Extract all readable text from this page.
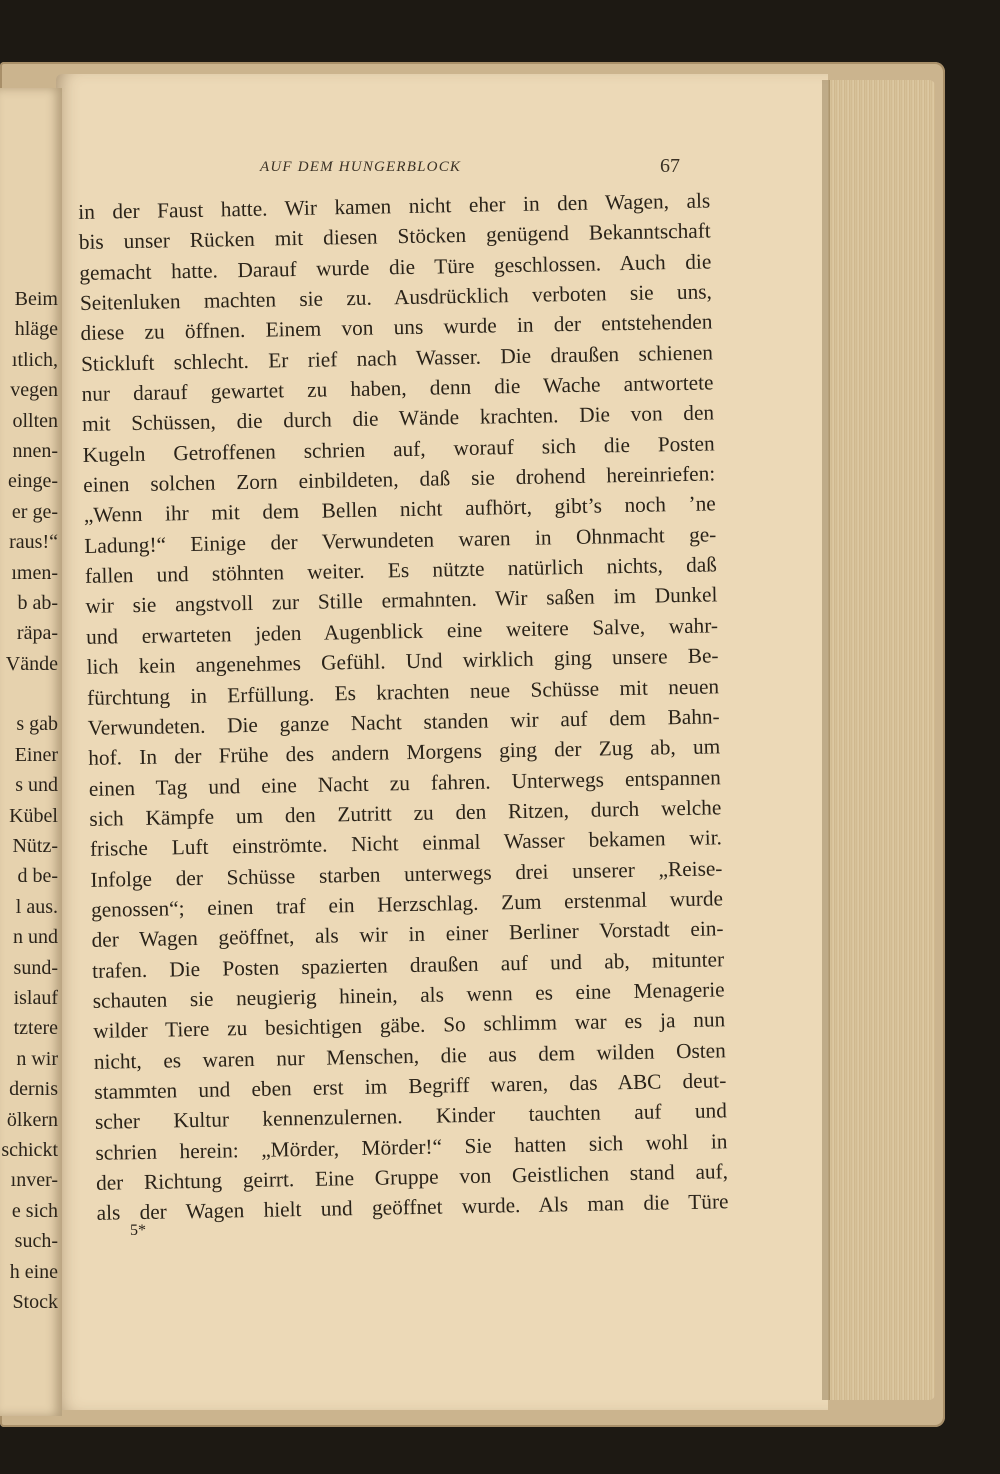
Beim
hläge
ıtlich,
vegen
ollten
nnen-
einge-
er ge-
raus!“
ımen-
b ab-
räpa-
Vände
s gab
Einer
s und
Kübel
Nütz-
d be-
l aus.
n und
sund-
islauf
tztere
n wir
dernis
ölkern
schickt
ınver-
e sich
such-
h eine
Stock
AUF DEM HUNGERBLOCK	67
in der Faust hatte. Wir kamen nicht eher in den Wagen, als
bis unser Rücken mit diesen Stöcken genügend Bekanntschaft
gemacht hatte. Darauf wurde die Türe geschlossen. Auch die
Seitenluken machten sie zu. Ausdrücklich verboten sie uns,
diese zu öffnen. Einem von uns wurde in der entstehenden
Stickluft schlecht. Er rief nach Wasser. Die draußen schienen
nur darauf gewartet zu haben, denn die Wache antwortete
mit Schüssen, die durch die Wände krachten. Die von den
Kugeln Getroffenen schrien auf, worauf sich die Posten
einen solchen Zorn einbildeten, daß sie drohend hereinriefen:
„Wenn ihr mit dem Bellen nicht aufhört, gibt’s noch ’ne
Ladung!“ Einige der Verwundeten waren in Ohnmacht ge-
fallen und stöhnten weiter. Es nützte natürlich nichts, daß
wir sie angstvoll zur Stille ermahnten. Wir saßen im Dunkel
und erwarteten jeden Augenblick eine weitere Salve, wahr-
lich kein angenehmes Gefühl. Und wirklich ging unsere Be-
fürchtung in Erfüllung. Es krachten neue Schüsse mit neuen
Verwundeten. Die ganze Nacht standen wir auf dem Bahn-
hof. In der Frühe des andern Morgens ging der Zug ab, um
einen Tag und eine Nacht zu fahren. Unterwegs entspannen
sich Kämpfe um den Zutritt zu den Ritzen, durch welche
frische Luft einströmte. Nicht einmal Wasser bekamen wir.
Infolge der Schüsse starben unterwegs drei unserer „Reise-
genossen“; einen traf ein Herzschlag. Zum erstenmal wurde
der Wagen geöffnet, als wir in einer Berliner Vorstadt ein-
trafen. Die Posten spazierten draußen auf und ab, mitunter
schauten sie neugierig hinein, als wenn es eine Menagerie
wilder Tiere zu besichtigen gäbe. So schlimm war es ja nun
nicht, es waren nur Menschen, die aus dem wilden Osten
stammten und eben erst im Begriff waren, das ABC deut-
scher Kultur kennenzulernen. Kinder tauchten auf und
schrien herein: „Mörder, Mörder!“ Sie hatten sich wohl in
der Richtung geirrt. Eine Gruppe von Geistlichen stand auf,
als der Wagen hielt und geöffnet wurde. Als man die Türe
5*
